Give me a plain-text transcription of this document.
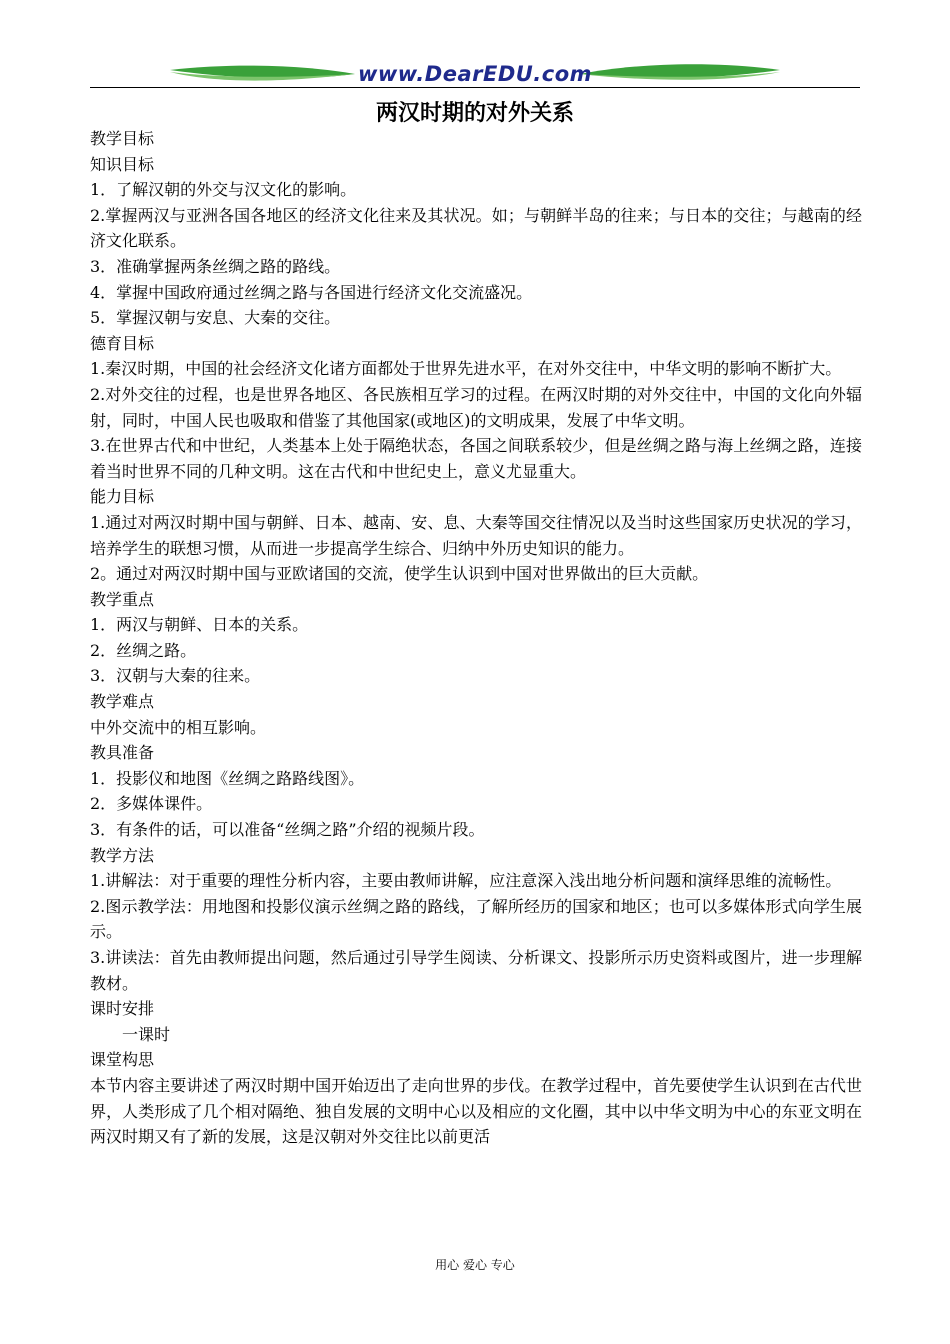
www.DearEDU.com
两汉时期的对外关系

教学目标

知识目标

1．了解汉朝的外交与汉文化的影响。

2.掌握两汉与亚洲各国各地区的经济文化往来及其状况。如；与朝鲜半岛的往来；与日本的交往；与越南的经济文化联系。

3．准确掌握两条丝绸之路的路线。

4．掌握中国政府通过丝绸之路与各国进行经济文化交流盛况。

5．掌握汉朝与安息、大秦的交往。

德育目标

1.秦汉时期，中国的社会经济文化诸方面都处于世界先进水平，在对外交往中，中华文明的影响不断扩大。

2.对外交往的过程，也是世界各地区、各民族相互学习的过程。在两汉时期的对外交往中，中国的文化向外辐射，同时，中国人民也吸取和借鉴了其他国家(或地区)的文明成果，发展了中华文明。

3.在世界古代和中世纪，人类基本上处于隔绝状态，各国之间联系较少，但是丝绸之路与海上丝绸之路，连接着当时世界不同的几种文明。这在古代和中世纪史上，意义尤显重大。

能力目标

1.通过对两汉时期中国与朝鲜、日本、越南、安、息、大秦等国交往情况以及当时这些国家历史状况的学习，培养学生的联想习惯，从而进一步提高学生综合、归纳中外历史知识的能力。

2。通过对两汉时期中国与亚欧诸国的交流，使学生认识到中国对世界做出的巨大贡献。

教学重点

1．两汉与朝鲜、日本的关系。

2．丝绸之路。

3．汉朝与大秦的往来。

教学难点

中外交流中的相互影响。

教具准备

1．投影仪和地图《丝绸之路路线图》。

2．多媒体课件。

3．有条件的话，可以准备“丝绸之路”介绍的视频片段。

教学方法

1.讲解法：对于重要的理性分析内容，主要由教师讲解，应注意深入浅出地分析问题和演绎思维的流畅性。

2.图示教学法：用地图和投影仪演示丝绸之路的路线，了解所经历的国家和地区；也可以多媒体形式向学生展示。

3.讲读法：首先由教师提出问题，然后通过引导学生阅读、分析课文、投影所示历史资料或图片，进一步理解教材。

课时安排

一课时

课堂构思

本节内容主要讲述了两汉时期中国开始迈出了走向世界的步伐。在教学过程中，首先要使学生认识到在古代世界，人类形成了几个相对隔绝、独自发展的文明中心以及相应的文化圈，其中以中华文明为中心的东亚文明在两汉时期又有了新的发展，这是汉朝对外交往比以前更活

用心 爱心 专心
